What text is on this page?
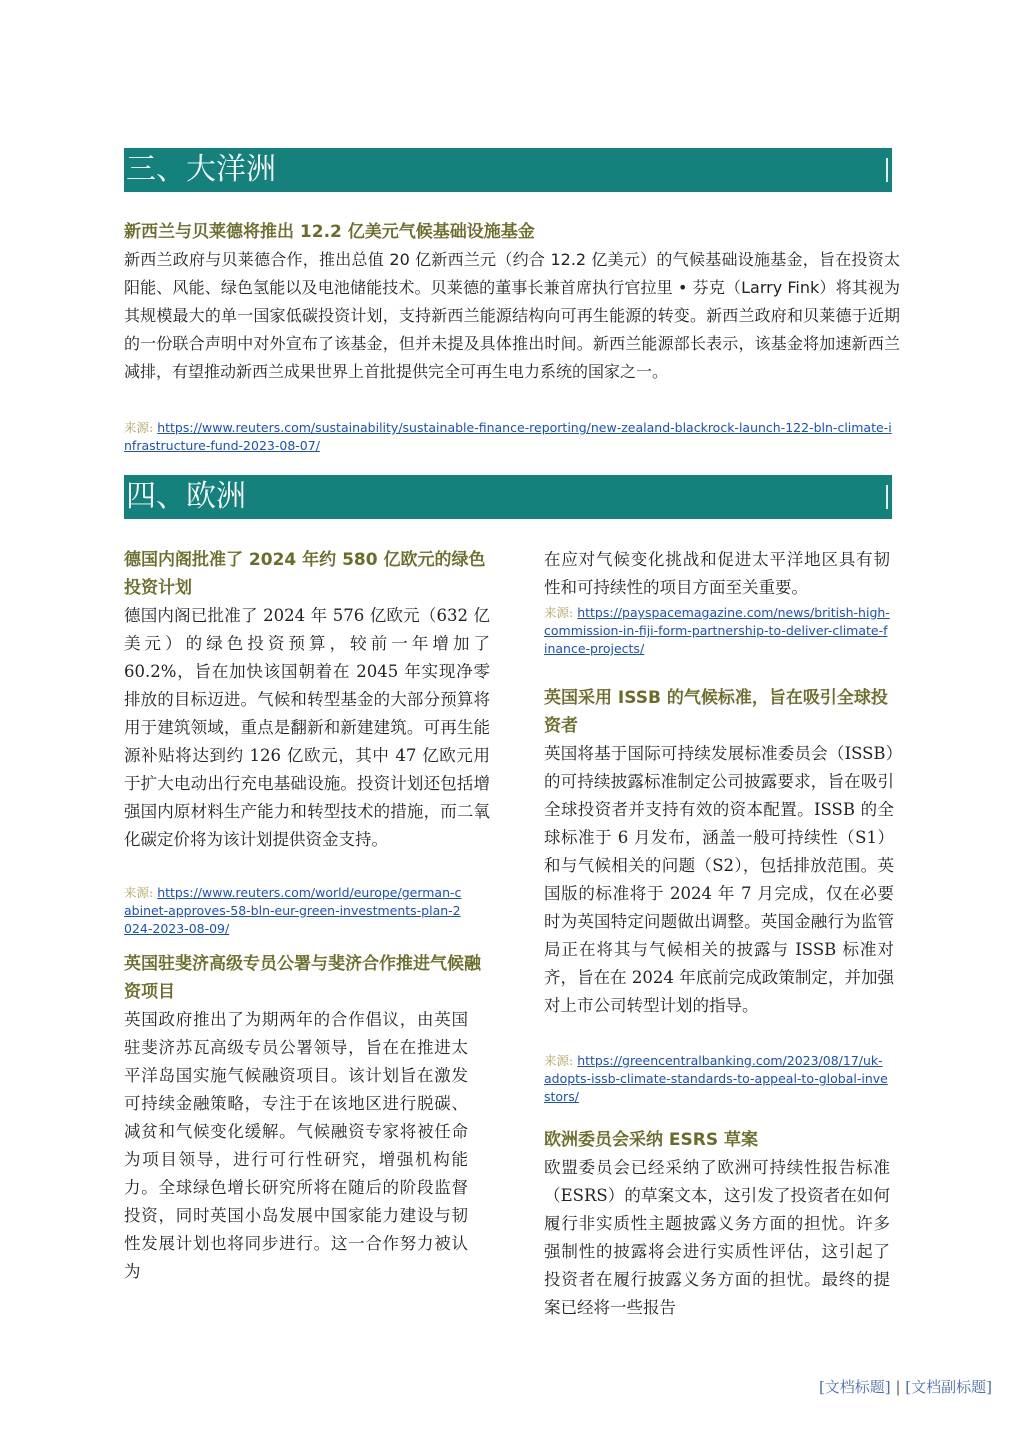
三、大洋洲

新西兰与贝莱德将推出 12.2 亿美元气候基础设施基金

新西兰政府与贝莱德合作，推出总值 20 亿新西兰元（约合 12.2 亿美元）的气候基础设施基金，旨在投资太阳能、风能、绿色氢能以及电池储能技术。贝莱德的董事长兼首席执行官拉里 • 芬克（Larry Fink）将其视为其规模最大的单一国家低碳投资计划，支持新西兰能源结构向可再生能源的转变。新西兰政府和贝莱德于近期的一份联合声明中对外宣布了该基金，但并未提及具体推出时间。新西兰能源部长表示，该基金将加速新西兰减排，有望推动新西兰成果世界上首批提供完全可再生电力系统的国家之一。

来源: https://www.reuters.com/sustainability/sustainable-finance-reporting/new-zealand-blackrock-launch-122-bln-climate-infrastructure-fund-2023-08-07/

四、欧洲

德国内阁批准了 2024 年约 580 亿欧元的绿色投资计划

德国内阁已批准了 2024 年 576 亿欧元（632 亿美元）的绿色投资预算，较前一年增加了 60.2%，旨在加快该国朝着在 2045 年实现净零排放的目标迈进。气候和转型基金的大部分预算将用于建筑领域，重点是翻新和新建建筑。可再生能源补贴将达到约 126 亿欧元，其中 47 亿欧元用于扩大电动出行充电基础设施。投资计划还包括增强国内原材料生产能力和转型技术的措施，而二氧化碳定价将为该计划提供资金支持。

来源: https://www.reuters.com/world/europe/german-cabinet-approves-58-bln-eur-green-investments-plan-2024-2023-08-09/

英国驻斐济高级专员公署与斐济合作推进气候融资项目

英国政府推出了为期两年的合作倡议，由英国驻斐济苏瓦高级专员公署领导，旨在在推进太平洋岛国实施气候融资项目。该计划旨在激发可持续金融策略，专注于在该地区进行脱碳、减贫和气候变化缓解。气候融资专家将被任命为项目领导，进行可行性研究，增强机构能力。全球绿色增长研究所将在随后的阶段监督投资，同时英国小岛发展中国家能力建设与韧性发展计划也将同步进行。这一合作努力被认为

在应对气候变化挑战和促进太平洋地区具有韧性和可持续性的项目方面至关重要。

来源: https://payspacemagazine.com/news/british-high-commission-in-fiji-form-partnership-to-deliver-climate-finance-projects/

英国采用 ISSB 的气候标准，旨在吸引全球投资者

英国将基于国际可持续发展标准委员会（ISSB）的可持续披露标准制定公司披露要求，旨在吸引全球投资者并支持有效的资本配置。ISSB 的全球标准于 6 月发布，涵盖一般可持续性（S1）和与气候相关的问题（S2），包括排放范围。英国版的标准将于 2024 年 7 月完成，仅在必要时为英国特定问题做出调整。英国金融行为监管局正在将其与气候相关的披露与 ISSB 标准对齐，旨在在 2024 年底前完成政策制定，并加强对上市公司转型计划的指导。

来源: https://greencentralbanking.com/2023/08/17/uk-adopts-issb-climate-standards-to-appeal-to-global-investors/

欧洲委员会采纳 ESRS 草案

欧盟委员会已经采纳了欧洲可持续性报告标准（ESRS）的草案文本，这引发了投资者在如何履行非实质性主题披露义务方面的担忧。许多强制性的披露将会进行实质性评估，这引起了投资者在履行披露义务方面的担忧。最终的提案已经将一些报告

[文档标题] | [文档副标题]
